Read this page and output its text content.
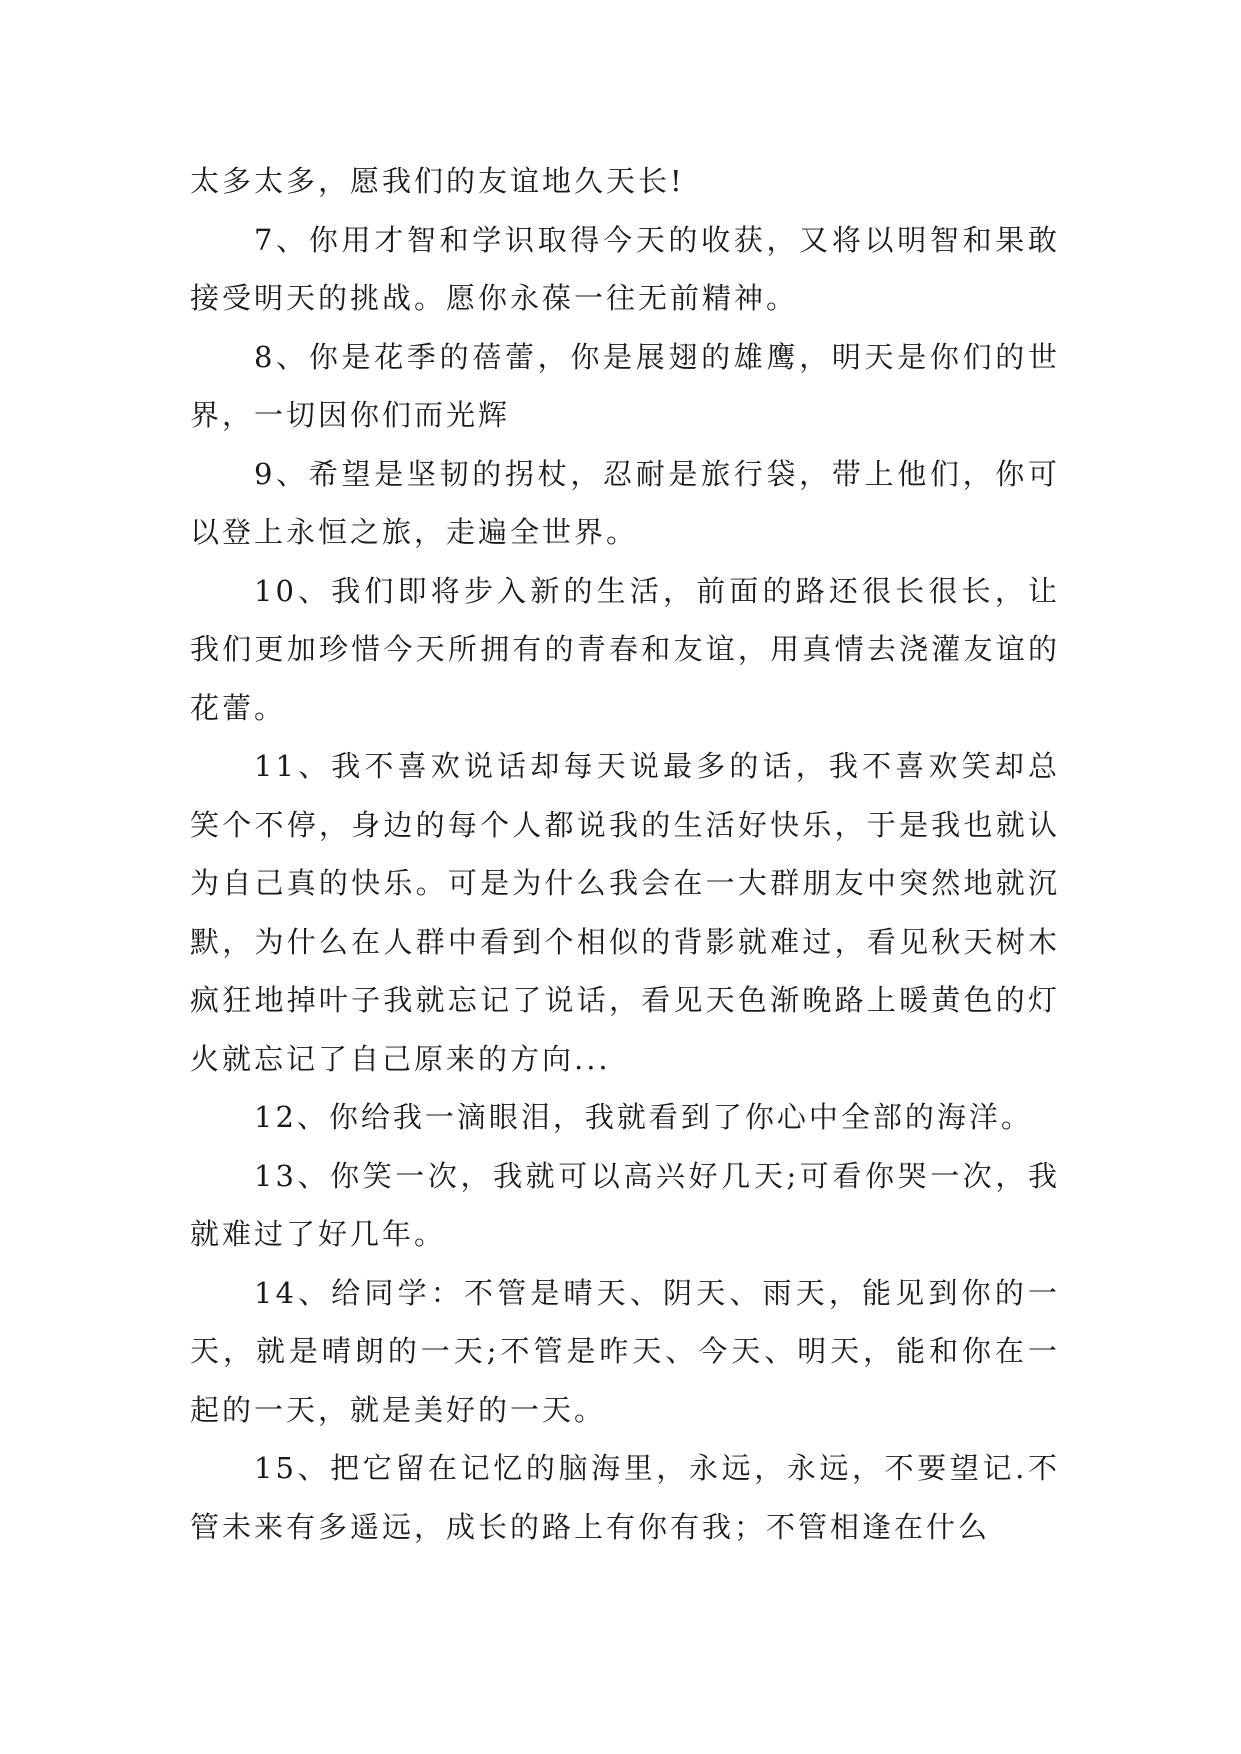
太多太多，愿我们的友谊地久天长!

7、你用才智和学识取得今天的收获，又将以明智和果敢接受明天的挑战。愿你永葆一往无前精神。

8、你是花季的蓓蕾，你是展翅的雄鹰，明天是你们的世界，一切因你们而光辉

9、希望是坚韧的拐杖，忍耐是旅行袋，带上他们，你可以登上永恒之旅，走遍全世界。

10、我们即将步入新的生活，前面的路还很长很长，让我们更加珍惜今天所拥有的青春和友谊，用真情去浇灌友谊的花蕾。

11、我不喜欢说话却每天说最多的话，我不喜欢笑却总笑个不停，身边的每个人都说我的生活好快乐，于是我也就认为自己真的快乐。可是为什么我会在一大群朋友中突然地就沉默，为什么在人群中看到个相似的背影就难过，看见秋天树木疯狂地掉叶子我就忘记了说话，看见天色渐晚路上暖黄色的灯火就忘记了自己原来的方向...

12、你给我一滴眼泪，我就看到了你心中全部的海洋。

13、你笑一次，我就可以高兴好几天;可看你哭一次，我就难过了好几年。

14、给同学：不管是晴天、阴天、雨天，能见到你的一天，就是晴朗的一天;不管是昨天、今天、明天，能和你在一起的一天，就是美好的一天。

15、把它留在记忆的脑海里，永远，永远，不要望记.不管未来有多遥远，成长的路上有你有我；不管相逢在什么
